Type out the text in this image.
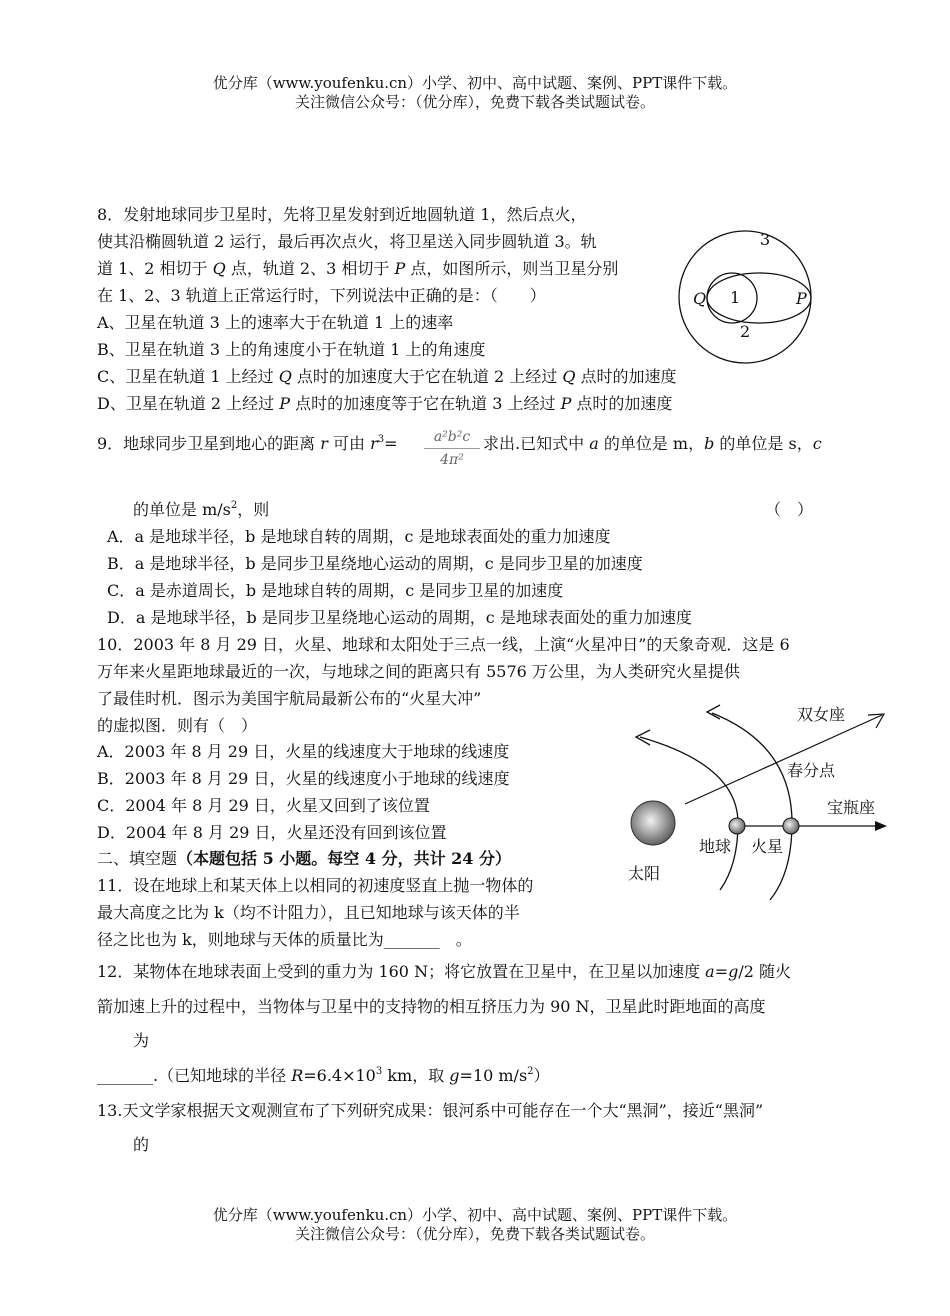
优分库（www.youfenku.cn）小学、初中、高中试题、案例、PPT课件下载。
关注微信公众号：（优分库），免费下载各类试题试卷。
8．发射地球同步卫星时，先将卫星发射到近地圆轨道 1，然后点火，
使其沿椭圆轨道 2 运行，最后再次点火，将卫星送入同步圆轨道 3。轨
道 1、2 相切于 Q 点，轨道 2、3 相切于 P 点，如图所示，则当卫星分别
在 1、2、3 轨道上正常运行时，下列说法中正确的是：（　　）
A、卫星在轨道 3 上的速率大于在轨道 1 上的速率
B、卫星在轨道 3 上的角速度小于在轨道 1 上的角速度
C、卫星在轨道 1 上经过 Q 点时的加速度大于它在轨道 2 上经过 Q 点时的加速度
D、卫星在轨道 2 上经过 P 点时的加速度等于它在轨道 3 上经过 P 点时的加速度
3
Q 1	P
2
9．地球同步卫星到地心的距离 r 可由 $r^3= \frac{\text{a²b²c}}{\text{4π²}}$ 求出.已知式中 a 的单位是 m，b 的单位是 s，c
的单位是 $m/s^2$，则	（　）
A．a 是地球半径，b 是地球自转的周期，c 是地球表面处的重力加速度
B．a 是地球半径，b 是同步卫星绕地心运动的周期，c 是同步卫星的加速度
C．a 是赤道周长，b 是地球自转的周期，c 是同步卫星的加速度
D．a 是地球半径，b 是同步卫星绕地心运动的周期，c 是地球表面处的重力加速度
10．2003 年 8 月 29 日，火星、地球和太阳处于三点一线，上演“火星冲日”的天象奇观．这是 6
万年来火星距地球最近的一次，与地球之间的距离只有 5576 万公里，为人类研究火星提供
了最佳时机．图示为美国宇航局最新公布的“火星大冲”
的虚拟图．则有（　）
A．2003 年 8 月 29 日，火星的线速度大于地球的线速度
B．2003 年 8 月 29 日，火星的线速度小于地球的线速度
C．2004 年 8 月 29 日，火星又回到了该位置
D．2004 年 8 月 29 日，火星还没有回到该位置
双女座
春分点
宝瓶座
地球 火星
太阳
二、填空题（本题包括 5 小题。每空 4 分，共计 24 分）
11．设在地球上和某天体上以相同的初速度竖直上抛一物体的
最大高度之比为 k（均不计阻力），且已知地球与该天体的半
径之比也为 k，则地球与天体的质量比为_______　。
12．某物体在地球表面上受到的重力为 160 N；将它放置在卫星中，在卫星以加速度 a=g/2 随火
箭加速上升的过程中，当物体与卫星中的支持物的相互挤压力为 90 N，卫星此时距地面的高度
为
_______.（已知地球的半径 $R=6.4\times 10^3$ km，取 g=10 $m/s^2$）
13.天文学家根据天文观测宣布了下列研究成果：银河系中可能存在一个大“黑洞”，接近“黑洞”
的
优分库（www.youfenku.cn）小学、初中、高中试题、案例、PPT课件下载。
关注微信公众号：（优分库），免费下载各类试题试卷。
